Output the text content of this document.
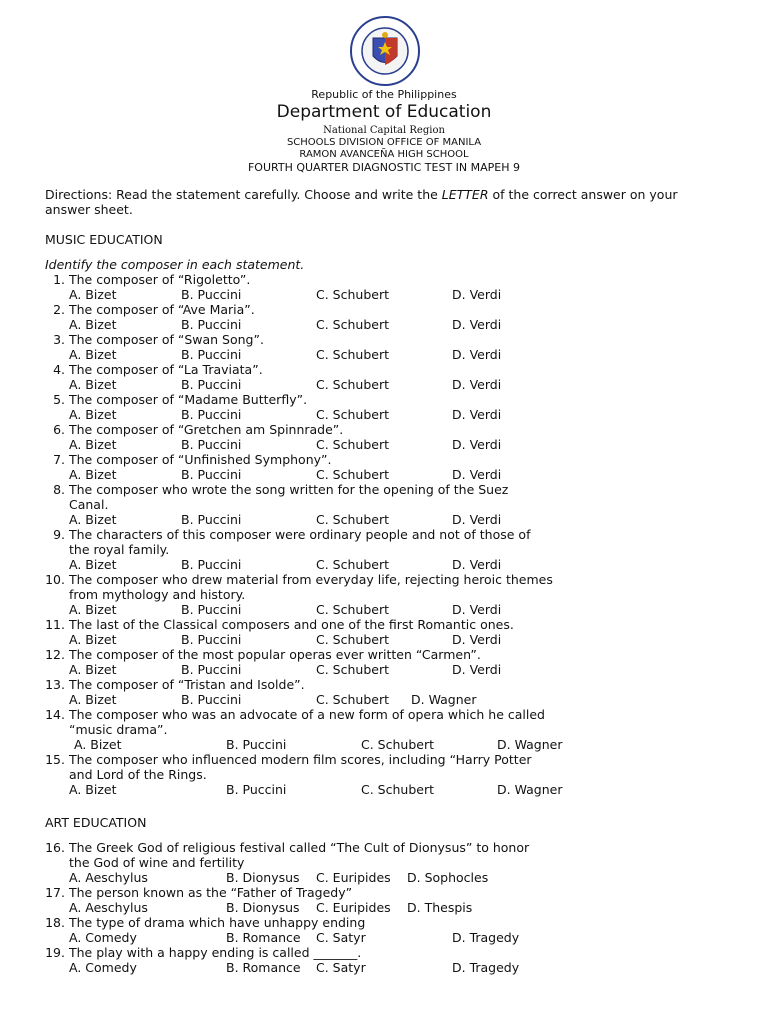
Republic of the Philippines
Department of Education
National Capital Region
SCHOOLS DIVISION OFFICE OF MANILA
RAMON AVANCEÑA HIGH SCHOOL
FOURTH QUARTER DIAGNOSTIC TEST IN MAPEH 9
Directions: Read the statement carefully. Choose and write the LETTER of the correct answer on your
answer sheet.
MUSIC EDUCATION
Identify the composer in each statement.
1. The composer of “Rigoletto”.
A. Bizet	B. Puccini	C. Schubert	D. Verdi
2. The composer of “Ave Maria”.
A. Bizet	B. Puccini	C. Schubert	D. Verdi
3. The composer of “Swan Song”.
A. Bizet	B. Puccini	C. Schubert	D. Verdi
4. The composer of “La Traviata”.
A. Bizet	B. Puccini	C. Schubert	D. Verdi
5. The composer of “Madame Butterfly”.
A. Bizet	B. Puccini	C. Schubert	D. Verdi
6. The composer of “Gretchen am Spinnrade”.
A. Bizet	B. Puccini	C. Schubert	D. Verdi
7. The composer of “Unfinished Symphony”.
A. Bizet	B. Puccini	C. Schubert	D. Verdi
8. The composer who wrote the song written for the opening of the Suez
Canal.
A. Bizet	B. Puccini	C. Schubert	D. Verdi
9. The characters of this composer were ordinary people and not of those of
the royal family.
A. Bizet	B. Puccini	C. Schubert	D. Verdi
10. The composer who drew material from everyday life, rejecting heroic themes
from mythology and history.
A. Bizet	B. Puccini	C. Schubert	D. Verdi
11. The last of the Classical composers and one of the first Romantic ones.
A. Bizet	B. Puccini	C. Schubert	D. Verdi
12. The composer of the most popular operas ever written “Carmen”.
A. Bizet	B. Puccini	C. Schubert	D. Verdi
13. The composer of “Tristan and Isolde”.
A. Bizet	B. Puccini	C. Schubert D. Wagner
14. The composer who was an advocate of a new form of opera which he called
“music drama”.
A. Bizet	B. Puccini	C. Schubert	D. Wagner
15. The composer who influenced modern film scores, including “Harry Potter
and Lord of the Rings.
A. Bizet	B. Puccini	C. Schubert	D. Wagner
ART EDUCATION
16. The Greek God of religious festival called “The Cult of Dionysus” to honor
the God of wine and fertility
A. Aeschylus	B. Dionysus C. Euripides D. Sophocles
17. The person known as the “Father of Tragedy”
A. Aeschylus	B. Dionysus C. Euripides D. Thespis
18. The type of drama which have unhappy ending
A. Comedy	B. Romance C. Satyr	D. Tragedy
19. The play with a happy ending is called _______.
A. Comedy	B. Romance C. Satyr	D. Tragedy
